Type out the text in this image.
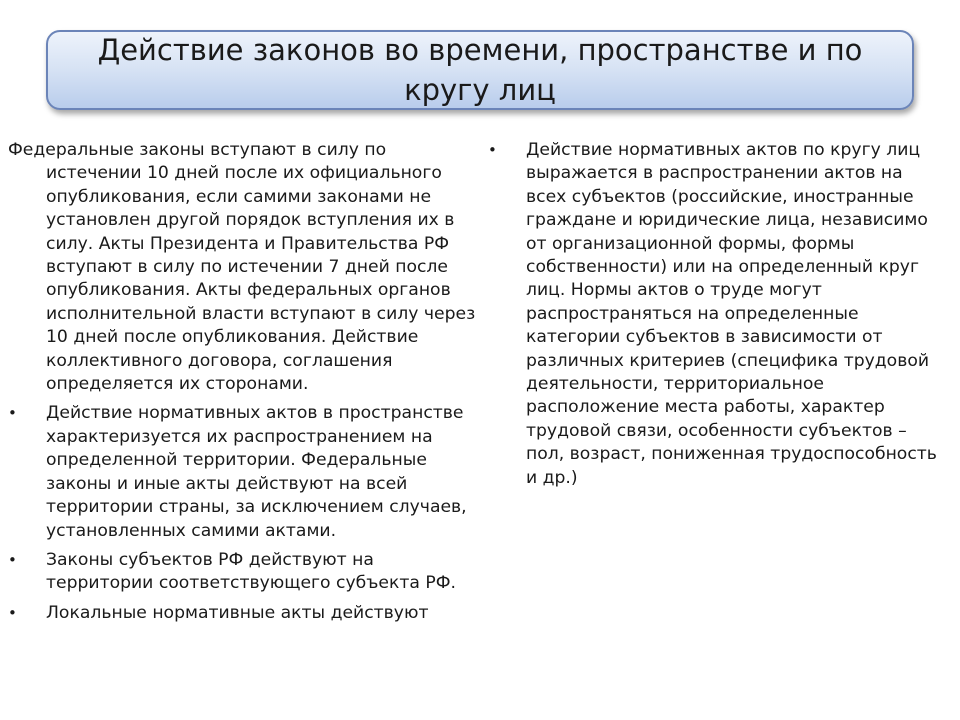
Действие законов во времени, пространстве и по кругу лиц

Федеральные законы вступают в силу по истечении 10 дней после их официального опубликования, если самими законами не установлен другой порядок вступления их в силу. Акты Президента и Правительства РФ вступают в силу по истечении 7 дней после опубликования. Акты федеральных органов исполнительной власти вступают в силу через 10 дней после опубликования. Действие коллективного договора, соглашения определяется их сторонами.

•	Действие нормативных актов в пространстве характеризуется их распространением на определенной территории. Федеральные законы и иные акты действуют на всей территории страны, за исключением случаев, установленных самими актами.
•	Законы субъектов РФ действуют на территории соответствующего субъекта РФ.
•	Локальные нормативные акты действуют
•	Действие нормативных актов по кругу лиц выражается в распространении актов на всех субъектов (российские, иностранные граждане и юридические лица, независимо от организационной формы, формы собственности) или на определенный круг лиц. Нормы актов о труде могут распространяться на определенные категории субъектов в зависимости от различных критериев (специфика трудовой деятельности, территориальное расположение места работы, характер трудовой связи, особенности субъектов – пол, возраст, пониженная трудоспособность и др.)
